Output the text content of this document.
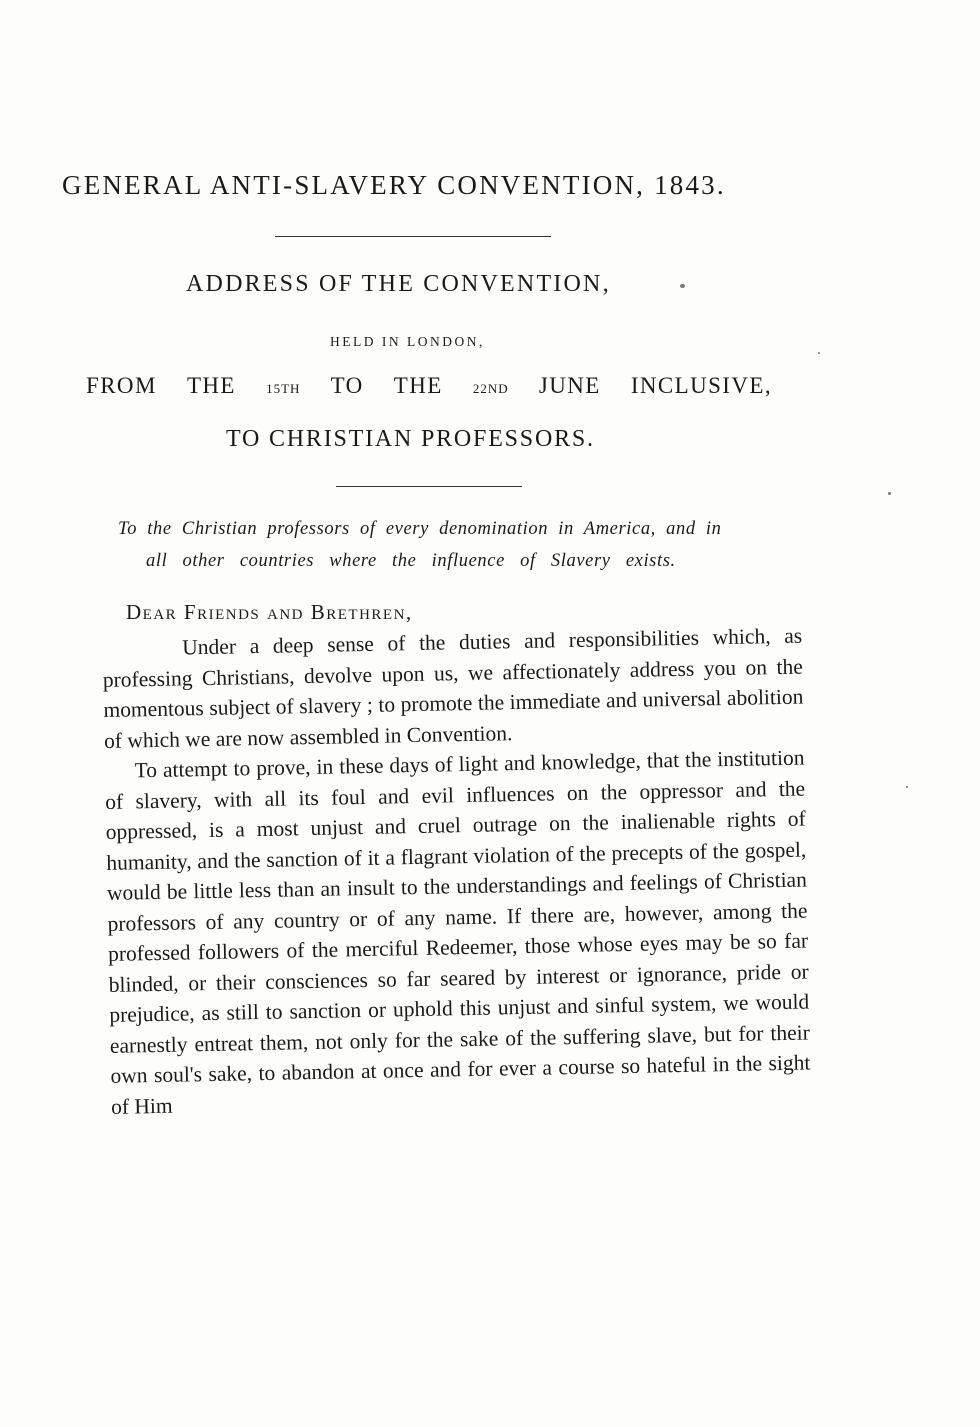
GENERAL ANTI-SLAVERY CONVENTION, 1843.
ADDRESS OF THE CONVENTION,
HELD IN LONDON,
FROM THE 15TH TO THE 22ND JUNE INCLUSIVE,
TO CHRISTIAN PROFESSORS.
To the Christian professors of every denomination in America, and in
all other countries where the influence of Slavery exists.
Dear Friends and Brethren,

Under a deep sense of the duties and responsibilities which, as professing Christians, devolve upon us, we affectionately address you on the momentous subject of slavery ; to promote the immediate and universal abolition of which we are now assembled in Convention.

To attempt to prove, in these days of light and knowledge, that the institution of slavery, with all its foul and evil influences on the oppressor and the oppressed, is a most unjust and cruel outrage on the inalienable rights of humanity, and the sanction of it a flagrant violation of the precepts of the gospel, would be little less than an insult to the understandings and feelings of Christian professors of any country or of any name. If there are, however, among the professed followers of the merciful Redeemer, those whose eyes may be so far blinded, or their consciences so far seared by interest or ignorance, pride or prejudice, as still to sanction or uphold this unjust and sinful system, we would earnestly entreat them, not only for the sake of the suffering slave, but for their own soul's sake, to abandon at once and for ever a course so hateful in the sight of Him
